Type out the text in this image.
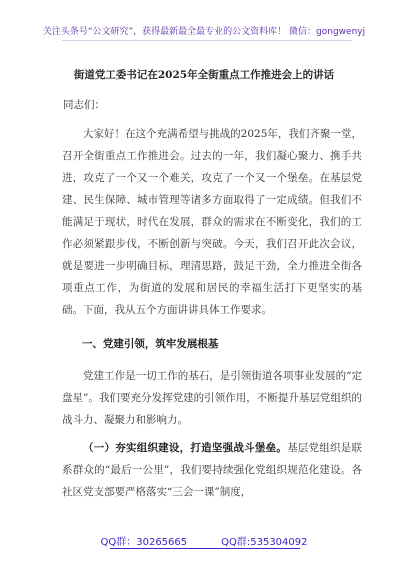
关注头条号“公文研究”，获得最新最全最专业的公文资料库！ 微信：gongwenyj
街道党工委书记在2025年全街重点工作推进会上的讲话
同志们：

大家好！在这个充满希望与挑战的2025年，我们齐聚一堂，召开全街重点工作推进会。过去的一年，我们凝心聚力、携手共进，攻克了一个又一个难关，攻克了一个又一个堡垒。在基层党建、民生保障、城市管理等诸多方面取得了一定成绩。但我们不能满足于现状，时代在发展，群众的需求在不断变化，我们的工作必须紧跟步伐，不断创新与突破。今天，我们召开此次会议，就是要进一步明确目标，理清思路，鼓足干劲，全力推进全街各项重点工作，为街道的发展和居民的幸福生活打下更坚实的基础。下面，我从五个方面讲讲具体工作要求。

一、党建引领，筑牢发展根基

党建工作是一切工作的基石，是引领街道各项事业发展的“定盘星”。我们要充分发挥党建的引领作用，不断提升基层党组织的战斗力、凝聚力和影响力。

（一）夯实组织建设，打造坚强战斗堡垒。基层党组织是联系群众的“最后一公里”，我们要持续强化党组织规范化建设。各社区党支部要严格落实“三会一课”制度，

QQ群：30265665	QQ群:535304092
